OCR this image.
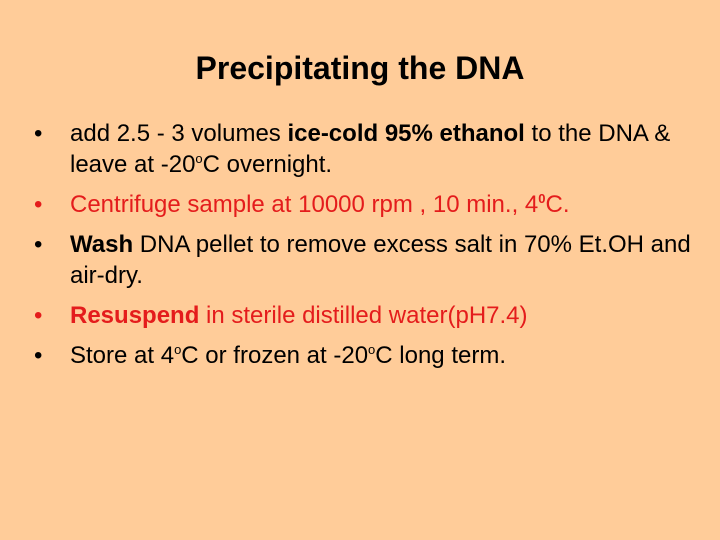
Precipitating the DNA
•	add 2.5 - 3 volumes ice-cold 95% ethanol to the DNA & leave at -20$^o$C overnight.
•	Centrifuge sample at 10000 rpm , 10 min., $4^0C$.
•	Wash DNA pellet to remove excess salt in 70% Et.OH and air-dry.
•	Resuspend in sterile distilled water(pH7.4)
•	Store at 4$^o$C or frozen at -20$^o$C long term.
